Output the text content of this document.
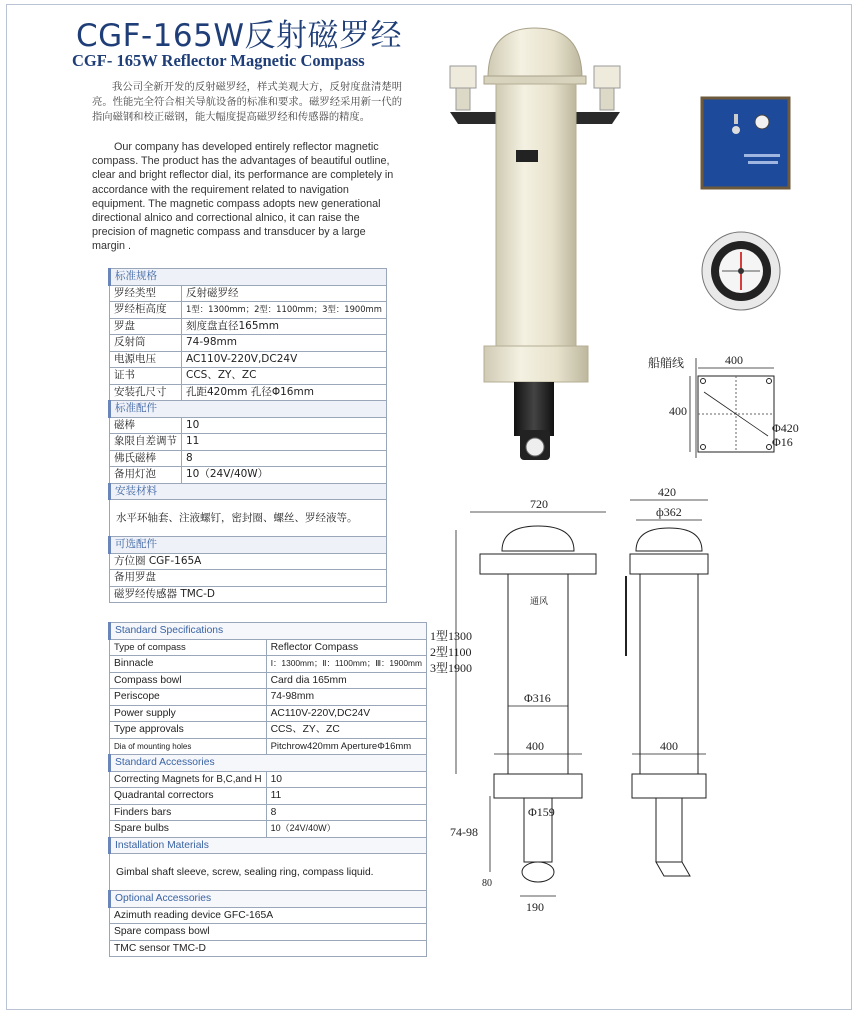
CGF-165W反射磁罗经
CGF- 165W Reflector Magnetic Compass
我公司全新开发的反射磁罗经，样式美观大方，反射度盘清楚明亮。性能完全符合相关导航设备的标准和要求。磁罗经采用新一代的指向磁钢和校正磁钢，能大幅度提高磁罗经和传感器的精度。
Our company has developed entirely reflector magnetic compass. The product has the advantages of beautiful outline, clear and bright reflector dial, its performance are completely in accordance with the requirement related to navigation equipment. The magnetic compass adopts new generational directional alnico and correctional alnico, it can raise the precision of magnetic compass and transducer by a large margin .
标准规格	
罗经类型	反射磁罗经
罗经柜高度	1型：1300mm；2型：1100mm；3型：1900mm
罗盘	刻度盘直径165mm
反射筒	74-98mm
电源电压	AC110V-220V,DC24V
证书	CCS、ZY、ZC
安装孔尺寸	孔距420mm 孔径Φ16mm
标准配件	
磁棒	10
象限自差调节	11
佛氏磁棒	8
备用灯泡	10（24V/40W）
安装材料	
水平环轴套、注液螺钉，密封圈、螺丝、罗经液等。	
可选配件	
方位圈 CGF-165A	
备用罗盘	
磁罗经传感器 TMC-D	
Standard Specifications	
Type of compass	Reflector Compass
Binnacle	Ⅰ：1300mm；Ⅱ：1100mm；Ⅲ：1900mm
Compass bowl	Card dia 165mm
Periscope	74-98mm
Power supply	AC110V-220V,DC24V
Type approvals	CCS、ZY、ZC
Dia of mounting holes	Pitchrow420mm AperturеΦ16mm
Standard Accessories	
Correcting Magnets for B,C,and H	10
Quadrantal correctors	11
Finders bars	8
Spare bulbs	10（24V/40W）
Installation Materials	
Gimbal shaft sleeve, screw, sealing ring, compass liquid.	
Optional Accessories	
Azimuth reading device GFC-165A	
Spare compass bowl	
TMC sensor TMC-D	
船艏线	400
400
Φ420
Φ16
720
通风
Φ316
400
1型1300
2型1100
3型1900
Φ159
74-98
80
190
420
ф362
400
